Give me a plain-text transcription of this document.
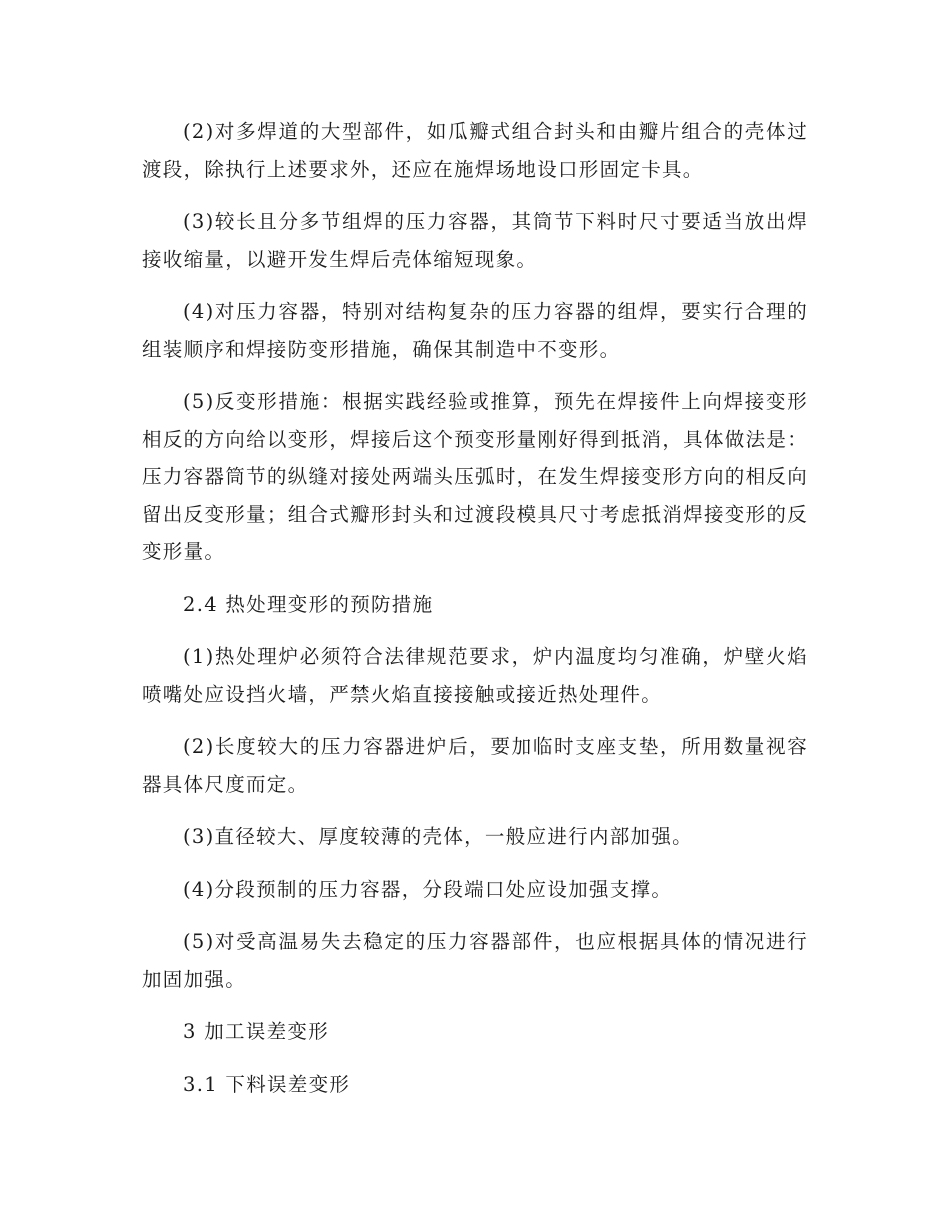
(2)对多焊道的大型部件，如瓜瓣式组合封头和由瓣片组合的壳体过渡段，除执行上述要求外，还应在施焊场地设口形固定卡具。

(3)较长且分多节组焊的压力容器，其筒节下料时尺寸要适当放出焊接收缩量，以避开发生焊后壳体缩短现象。

(4)对压力容器，特别对结构复杂的压力容器的组焊，要实行合理的组装顺序和焊接防变形措施，确保其制造中不变形。

(5)反变形措施：根据实践经验或推算，预先在焊接件上向焊接变形相反的方向给以变形，焊接后这个预变形量刚好得到抵消，具体做法是：压力容器筒节的纵缝对接处两端头压弧时，在发生焊接变形方向的相反向留出反变形量；组合式瓣形封头和过渡段模具尺寸考虑抵消焊接变形的反变形量。

2.4 热处理变形的预防措施

(1)热处理炉必须符合法律规范要求，炉内温度均匀准确，炉壁火焰喷嘴处应设挡火墙，严禁火焰直接接触或接近热处理件。

(2)长度较大的压力容器进炉后，要加临时支座支垫，所用数量视容器具体尺度而定。

(3)直径较大、厚度较薄的壳体，一般应进行内部加强。

(4)分段预制的压力容器，分段端口处应设加强支撑。

(5)对受高温易失去稳定的压力容器部件，也应根据具体的情况进行加固加强。

3 加工误差变形

3.1 下料误差变形
